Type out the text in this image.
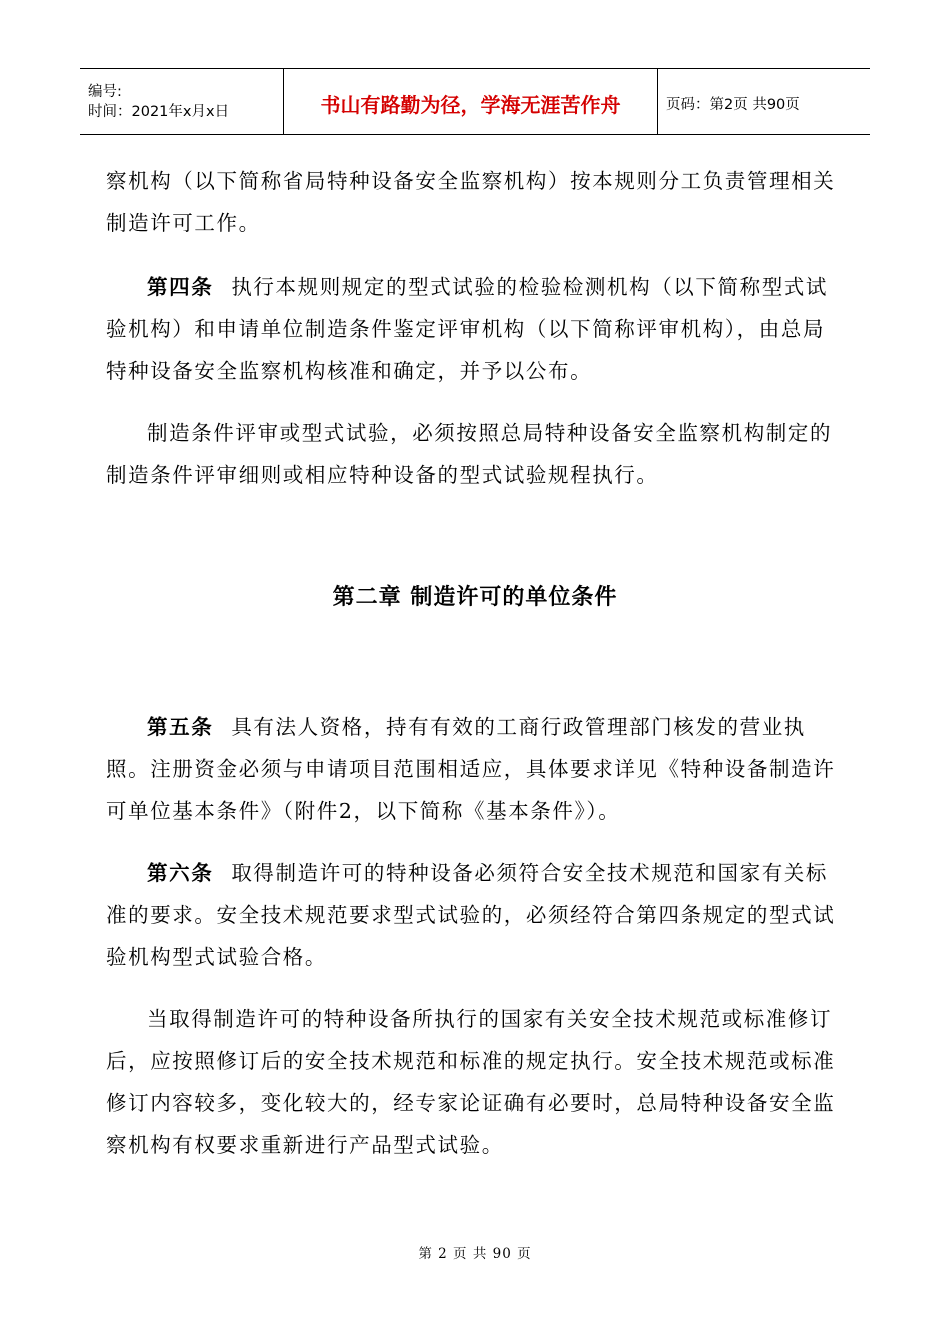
编号:
时间：2021年x月x日	书山有路勤为径，学海无涯苦作舟	页码：第2页 共90页

察机构（以下简称省局特种设备安全监察机构）按本规则分工负责管理相关制造许可工作。

第四条 执行本规则规定的型式试验的检验检测机构（以下简称型式试验机构）和申请单位制造条件鉴定评审机构（以下简称评审机构），由总局特种设备安全监察机构核准和确定，并予以公布。

制造条件评审或型式试验，必须按照总局特种设备安全监察机构制定的制造条件评审细则或相应特种设备的型式试验规程执行。

第二章 制造许可的单位条件

第五条 具有法人资格，持有有效的工商行政管理部门核发的营业执照。注册资金必须与申请项目范围相适应，具体要求详见《特种设备制造许可单位基本条件》（附件2，以下简称《基本条件》）。

第六条 取得制造许可的特种设备必须符合安全技术规范和国家有关标准的要求。安全技术规范要求型式试验的，必须经符合第四条规定的型式试验机构型式试验合格。

当取得制造许可的特种设备所执行的国家有关安全技术规范或标准修订后，应按照修订后的安全技术规范和标准的规定执行。安全技术规范或标准修订内容较多，变化较大的，经专家论证确有必要时，总局特种设备安全监察机构有权要求重新进行产品型式试验。

第 2 页 共 90 页
